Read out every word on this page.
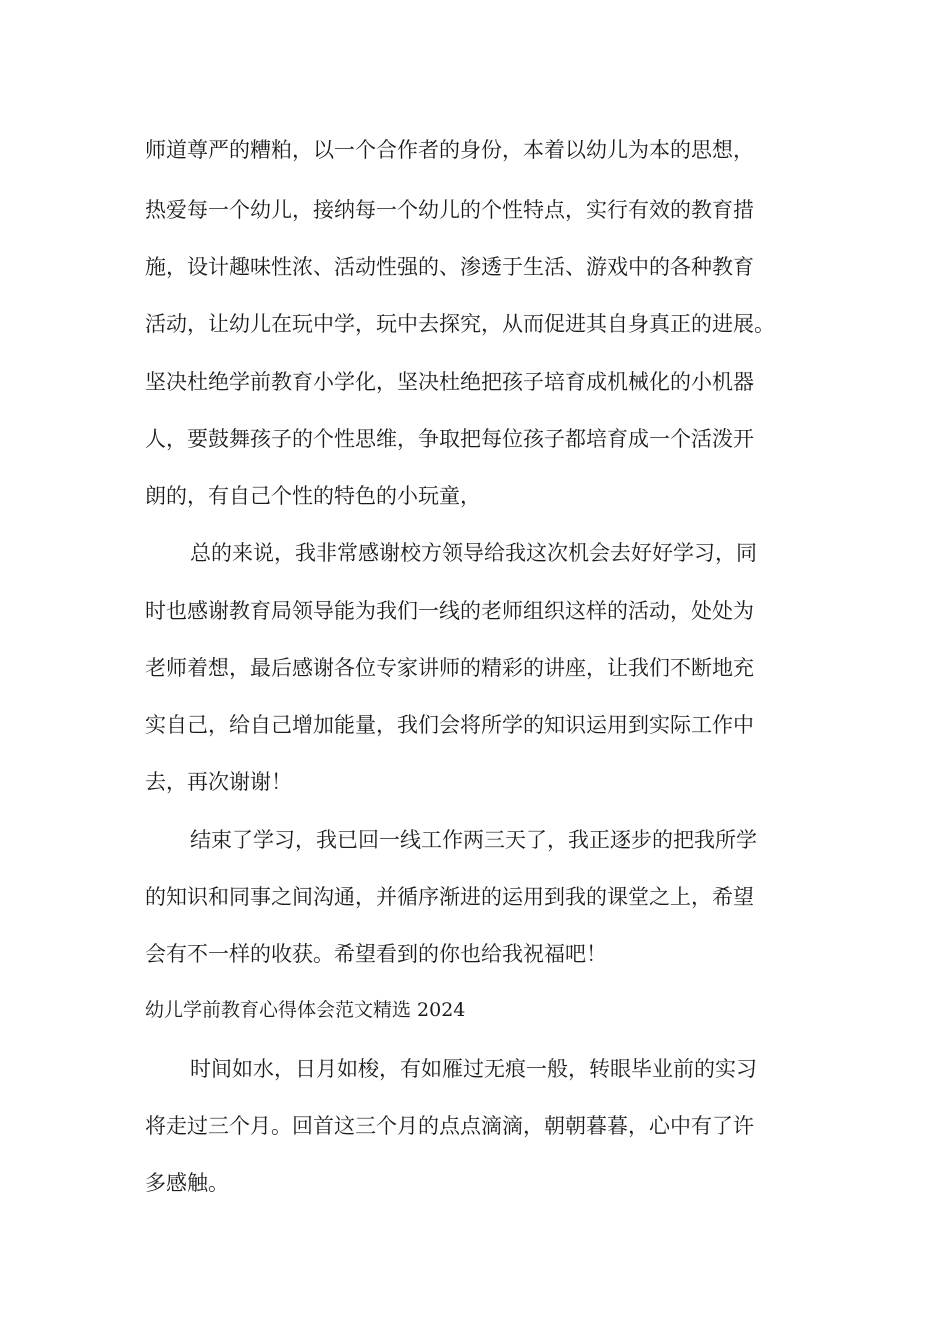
师道尊严的糟粕，以一个合作者的身份，本着以幼儿为本的思想，
热爱每一个幼儿，接纳每一个幼儿的个性特点，实行有效的教育措
施，设计趣味性浓、活动性强的、渗透于生活、游戏中的各种教育
活动，让幼儿在玩中学，玩中去探究，从而促进其自身真正的进展。
坚决杜绝学前教育小学化，坚决杜绝把孩子培育成机械化的小机器
人，要鼓舞孩子的个性思维，争取把每位孩子都培育成一个活泼开
朗的，有自己个性的特色的小玩童，
总的来说，我非常感谢校方领导给我这次机会去好好学习，同
时也感谢教育局领导能为我们一线的老师组织这样的活动，处处为
老师着想，最后感谢各位专家讲师的精彩的讲座，让我们不断地充
实自己，给自己增加能量，我们会将所学的知识运用到实际工作中
去，再次谢谢！
结束了学习，我已回一线工作两三天了，我正逐步的把我所学
的知识和同事之间沟通，并循序渐进的运用到我的课堂之上，希望
会有不一样的收获。希望看到的你也给我祝福吧！
幼儿学前教育心得体会范文精选 2024
时间如水，日月如梭，有如雁过无痕一般，转眼毕业前的实习
将走过三个月。回首这三个月的点点滴滴，朝朝暮暮，心中有了许
多感触。
